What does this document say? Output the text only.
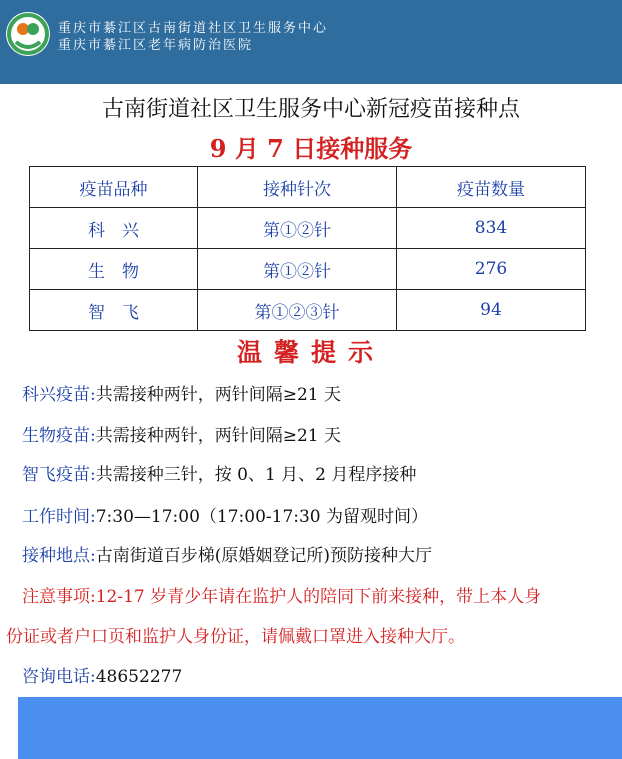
重庆市綦江区古南街道社区卫生服务中心
重庆市綦江区老年病防治医院
古南街道社区卫生服务中心新冠疫苗接种点
9 月 7 日接种服务
疫苗品种	接种针次	疫苗数量
科　兴	第①②针	834
生　物	第①②针	276
智　飞	第①②③针	94
温馨提示
科兴疫苗:共需接种两针，两针间隔≥21 天
生物疫苗:共需接种两针，两针间隔≥21 天
智飞疫苗:共需接种三针，按 0、1 月、2 月程序接种
工作时间:7:30—17:00（17:00-17:30 为留观时间）
接种地点:古南街道百步梯(原婚姻登记所)预防接种大厅
注意事项:12-17 岁青少年请在监护人的陪同下前来接种，带上本人身
份证或者户口页和监护人身份证，请佩戴口罩进入接种大厅。
咨询电话:48652277
